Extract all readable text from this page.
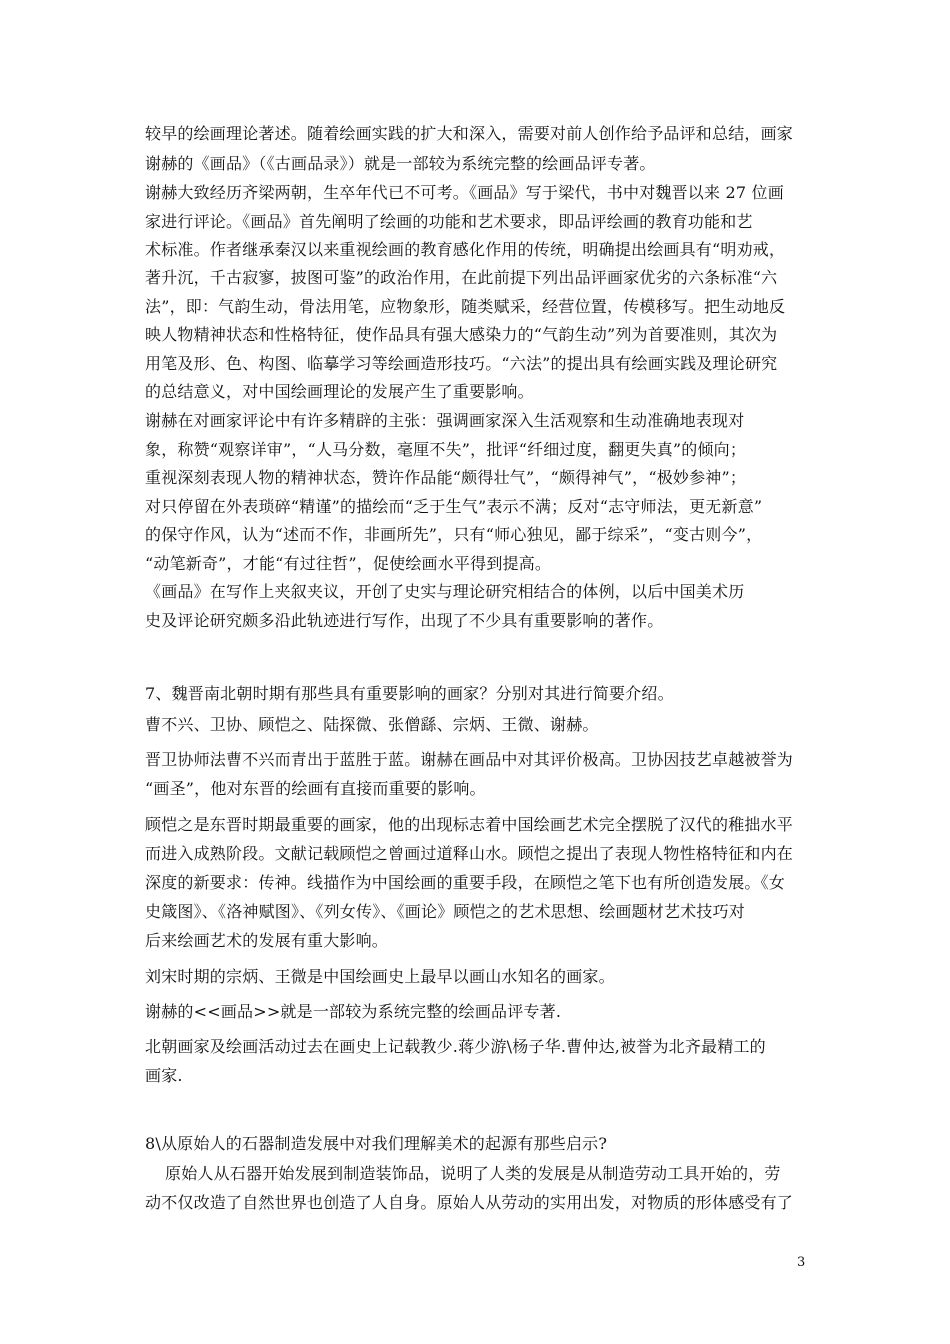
较早的绘画理论著述。随着绘画实践的扩大和深入，需要对前人创作给予品评和总结，画家
谢赫的《画品》（《古画品录》）就是一部较为系统完整的绘画品评专著。
谢赫大致经历齐梁两朝，生卒年代已不可考。《画品》写于梁代，书中对魏晋以来 27 位画
家进行评论。《画品》首先阐明了绘画的功能和艺术要求，即品评绘画的教育功能和艺
术标准。作者继承秦汉以来重视绘画的教育感化作用的传统，明确提出绘画具有“明劝戒，
著升沉，千古寂寥，披图可鉴”的政治作用，在此前提下列出品评画家优劣的六条标准“六
法”，即：气韵生动，骨法用笔，应物象形，随类赋采，经营位置，传模移写。把生动地反
映人物精神状态和性格特征，使作品具有强大感染力的“气韵生动”列为首要准则，其次为
用笔及形、色、构图、临摹学习等绘画造形技巧。“六法”的提出具有绘画实践及理论研究
的总结意义，对中国绘画理论的发展产生了重要影响。
谢赫在对画家评论中有许多精辟的主张：强调画家深入生活观察和生动准确地表现对
象，称赞“观察详审”，“人马分数，毫厘不失”，批评“纤细过度，翻更失真”的倾向；
重视深刻表现人物的精神状态，赞许作品能“颇得壮气”，“颇得神气”，“极妙参神”；
对只停留在外表琐碎“精谨”的描绘而“乏于生气”表示不满；反对“志守师法，更无新意”
的保守作风，认为“述而不作，非画所先”，只有“师心独见，鄙于综采”，“变古则今”，
“动笔新奇”，才能“有过往哲”，促使绘画水平得到提高。
《画品》在写作上夹叙夹议，开创了史实与理论研究相结合的体例，以后中国美术历
史及评论研究颇多沿此轨迹进行写作，出现了不少具有重要影响的著作。
7、魏晋南北朝时期有那些具有重要影响的画家？分别对其进行简要介绍。
曹不兴、卫协、顾恺之、陆探微、张僧繇、宗炳、王微、谢赫。
晋卫协师法曹不兴而青出于蓝胜于蓝。谢赫在画品中对其评价极高。卫协因技艺卓越被誉为
“画圣”，他对东晋的绘画有直接而重要的影响。
顾恺之是东晋时期最重要的画家，他的出现标志着中国绘画艺术完全摆脱了汉代的稚拙水平
而进入成熟阶段。文献记载顾恺之曾画过道释山水。顾恺之提出了表现人物性格特征和内在
深度的新要求：传神。线描作为中国绘画的重要手段，在顾恺之笔下也有所创造发展。《女
史箴图》、《洛神赋图》、《列女传》、《画论》顾恺之的艺术思想、绘画题材艺术技巧对
后来绘画艺术的发展有重大影响。
刘宋时期的宗炳、王微是中国绘画史上最早以画山水知名的画家。
谢赫的<<画品>>就是一部较为系统完整的绘画品评专著.
北朝画家及绘画活动过去在画史上记载教少.蒋少游\杨子华.曹仲达,被誉为北齐最精工的
画家.
8\从原始人的石器制造发展中对我们理解美术的起源有那些启示?
原始人从石器开始发展到制造装饰品，说明了人类的发展是从制造劳动工具开始的，劳
动不仅改造了自然世界也创造了人自身。原始人从劳动的实用出发，对物质的形体感受有了
3
